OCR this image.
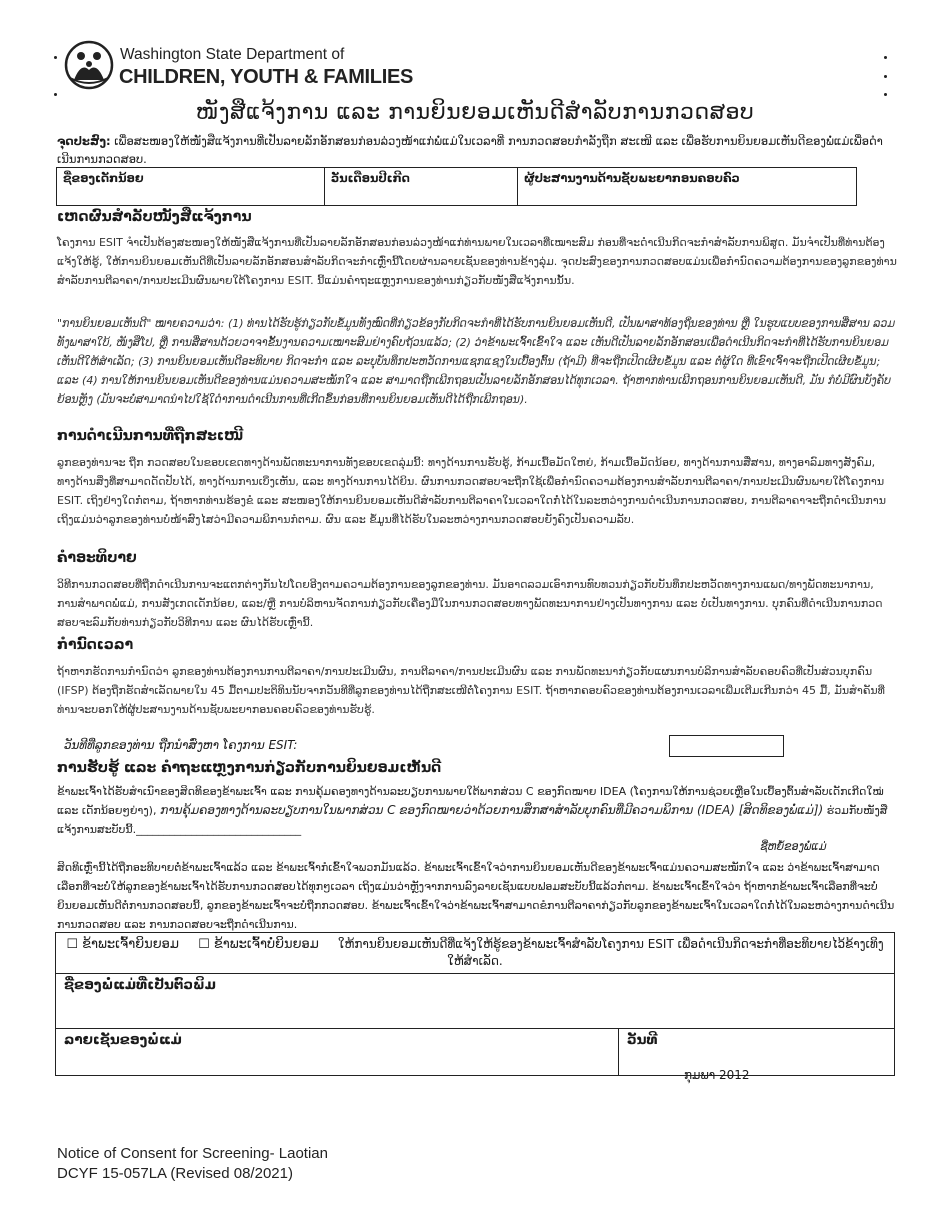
Washington State Department of
CHILDREN, YOUTH & FAMILIES
ໜັງສືແຈ້ງການ ແລະ ການຍິນຍອມເຫັນດີສໍາລັບການກວດສອບ
ຈຸດປະສົງ: ເພື່ອສະໜອງໃຫ້ໜັງສືແຈ້ງການທີ່ເປັນລາຍລັກອັກສອນກ່ອນລ່ວງໜ້າແກ່ພໍ່ແມ່ໃນເວລາທີ່ ການກວດສອບກໍາລັງຖືກ ສະເໜີ ແລະ ເພື່ອຮັບການຍິນຍອມເຫັນດີຂອງພໍ່ແມ່ເພື່ອດໍາເນີນການກວດສອບ.
ຊື່ຂອງເດັກນ້ອຍ	ວັນເດືອນປີເກີດ	ຜູ້ປະສານງານດ້ານຊັບພະຍາກອນຄອບຄົວ
ເຫດຜົນສໍາລັບໜັງສືແຈ້ງການ
ໂຄງການ ESIT ຈໍາເປັນຕ້ອງສະໜອງໃຫ້ໜັງສືແຈ້ງການທີ່ເປັນລາຍລັກອັກສອນກ່ອນລ່ວງໜ້າແກ່ທ່ານພາຍໃນເວລາທີ່ເໝາະສົມ ກ່ອນທີ່ຈະດໍາເນີນກິດຈະກໍາສໍາລັບການພິສູດ. ມັນຈໍາເປັນທີ່ທ່ານຕ້ອງແຈ້ງໃຫ້ຮູ້, ໃຫ້ການຍິນຍອມເຫັນດີທີ່ເປັນລາຍລັກອັກສອນສໍາລັບກິດຈະກໍາເຫຼົ່ານີ້ໂດຍຜ່ານລາຍເຊັນຂອງທ່ານຂ້າງລຸ່ມ. ຈຸດປະສົງຂອງການກວດສອບແມ່ນເພື່ອກໍານົດຄວາມຕ້ອງການຂອງລູກຂອງທ່ານສໍາລັບການຕີລາຄາ/ການປະເມີນຜົນພາຍໃຕ້ໂຄງການ ESIT. ນີ້ແມ່ນຄໍາຖະແຫຼງການຂອງທ່ານກ່ຽວກັບໜັງສືແຈ້ງການນັ້ນ.
"ການຍິນຍອມເຫັນດີ" ໝາຍຄວາມວ່າ: (1) ທ່ານໄດ້ຮັບຮູ້ກ່ຽວກັບຂໍ້ມູນທັງໝົດທີ່ກ່ຽວຂ້ອງກັບກິດຈະກໍາທີ່ໄດ້ຮັບການຍິນຍອມເຫັນດີ, ເປັນພາສາທ້ອງຖິ່ນຂອງທ່ານ ຫຼື ໃນຮູບແບບຂອງການສື່ສານ ລວມທັງພາສາໃບ້, ໜັງສືໂປ, ຫຼື ການສື່ສານດ້ວຍວາຈາຂັ້ນງານຄວາມເໝາະສົມຢ່າງຄົບຖ້ວນແລ້ວ; (2) ວ່າຂ້າພະເຈົ້າເຂົ້າໃຈ ແລະ ເຫັນດີເປັນລາຍລັກອັກສອນເພື່ອດໍາເນີນກິດຈະກໍາທີ່ໄດ້ຮັບການຍິນຍອມເຫັນດີໃຫ້ສໍາເລັດ; (3) ການຍິນຍອມເຫັນດີອະທິບາຍ ກິດຈະກໍາ ແລະ ລະບຸບັນທຶກປະຫວັດການແຊກແຊງໃນເບື້ອງຕົ້ນ (ຖ້າມີ) ທີ່ຈະຖືກເປີດເຜີຍຂໍ້ມູນ ແລະ ຕໍ່ຜູ້ໃດ ທີ່ເຂົາເຈົ້າຈະຖືກເປີດເຜີຍຂໍ້ມູນ; ແລະ (4) ການໃຫ້ການຍິນຍອມເຫັນດີຂອງທ່ານແມ່ນຄວາມສະໝັກໃຈ ແລະ ສາມາດຖືກເພີກຖອນເປັນລາຍລັກອັກສອນໄດ້ທຸກເວລາ. ຖ້າຫາກທ່ານເພີກຖອນການຍິນຍອມເຫັນດີ, ມັນ ກໍບໍ່ມີຜົນບັງຄັບຍ້ອນຫຼັງ (ມັນຈະບໍ່ສາມາດນໍາໄປໃຊ້ໃດໍາການດໍາເນີນການທີ່ເກີດຂຶ້ນກ່ອນທີ່ການຍິນຍອມເຫັນດີໄດ້ຖືກເພີກຖອນ).
ການດໍາເນີນການທີ່ຖືກສະເໜີ
ລູກຂອງທ່ານຈະ ຖືກ ກວດສອບໃນຂອບເຂດທາງດ້ານພັດທະນາການທັງຂອບເຂດລຸ່ມນີ້: ທາງດ້ານການຮັບຮູ້, ກ້າມເນື້ອມັດໃຫຍ່, ກ້າມເນື້ອມັດນ້ອຍ, ທາງດ້ານການສື່ສານ, ທາງອາລົມທາງສັງຄົມ, ທາງດ້ານສິ່ງທີ່ສາມາດດັດປັບໄດ້, ທາງດ້ານການເບິ່ງເຫັນ, ແລະ ທາງດ້ານການໄດ້ຍິນ. ຜົນການກວດສອບຈະຖືກໃຊ້ເພື່ອກໍານົດຄວາມຕ້ອງການສໍາລັບການຕີລາຄາ/ການປະເມີນຜົນພາຍໃຕ້ໂຄງການ ESIT. ເຖິງຢ່າງໃດກໍຕາມ, ຖ້າຫາກທ່ານຮ້ອງຂໍ ແລະ ສະໜອງໃຫ້ການຍິນຍອມເຫັນດີສໍາລັບການຕີລາຄາໃນເວລາໃດກໍ່ໄດ້ໃນລະຫວ່າງການດໍາເນີນການກວດສອບ, ການຕີລາຄາຈະຖືກດໍາເນີນການ ເຖິງແມ່ນວ່າລູກຂອງທ່ານບໍ່ໜ້າສົງໄສວ່າມີຄວາມພິການກໍຕາມ. ຜົນ ແລະ ຂໍ້ມູນທີ່ໄດ້ຮັບໃນລະຫວ່າງການກວດສອບຍັງຄົງເປັນຄວາມລັບ.
ຄໍາອະທິບາຍ
ວິທີການກວດສອບທີ່ຖືກດໍາເນີນການຈະແຕກຕ່າງກັນໄປໂດຍອີງຕາມຄວາມຕ້ອງການຂອງລູກຂອງທ່ານ. ມັນອາດລວມເອົາການທົບທວນກ່ຽວກັບບັນທຶກປະຫວັດທາງການແພດ/ທາງພັດທະນາການ, ການສໍາພາດພໍ່ແມ່, ການສັງເກດເດັກນ້ອຍ, ແລະ/ຫຼື ການບໍລິຫານຈັດການກ່ຽວກັບເຄື່ອງມືໃນການກວດສອບທາງພັດທະນາການຢ່າງເປັນທາງການ ແລະ ບໍ່ເປັນທາງການ. ບຸກຄົນທີ່ດໍາເນີນການກວດສອບຈະລົມກັບທ່ານກ່ຽວກັບວິທີການ ແລະ ຜົນໄດ້ຮັບເຫຼົ່ານີ້.
ກໍານົດເວລາ
ຖ້າຫາກຮັດການກໍານົດວ່າ ລູກຂອງທ່ານຕ້ອງການການຕີລາຄາ/ການປະເມີນຜົນ, ການຕີລາຄາ/ການປະເມີນຜົນ ແລະ ການພັດທະນາກ່ຽວກັບແຜນການບໍລິການສໍາລັບຄອບຄົວທີ່ເປັນສ່ວນບຸກຄົນ (IFSP) ຕ້ອງຖືກຮັດສໍາເລັດພາຍໃນ 45 ມື້ຕາມປະຕິທິນນັບຈາກວັນທີທີ່ລູກຂອງທ່ານໄດ້ຖືກສະເໜີຕໍ່ໂຄງການ ESIT. ຖ້າຫາກຄອບຄົວຂອງທ່ານຕ້ອງການເວລາເພີ່ມເຕີມເກີນກວ່າ 45 ມື້, ມັນສໍາຄັນທີ່ທ່ານຈະບອກໃຫ້ຜູ້ປະສານງານດ້ານຊັບພະຍາກອນຄອບຄົວຂອງທ່ານຮັບຮູ້.
ວັນທີທີ່ລູກຂອງທ່ານ ຖືກນໍາສົ່ງຫາ ໂຄງການ ESIT:
ການຮັບຮູ້ ແລະ ຄໍາຖະແຫຼງການກ່ຽວກັບການຍິນຍອມເຫັນດີ
ຂ້າພະເຈົ້າໄດ້ຮັບສໍາເນົາຂອງສິດທິຂອງຂ້າພະເຈົ້າ ແລະ ການຄຸ້ມຄອງທາງດ້ານລະບຽບການພາຍໃຕ້ພາກສ່ວນ C ຂອງກົດໝາຍ IDEA (ໂຄງການໃຫ້ການຊ່ວຍເຫຼືອໃນເບື້ອງຕົ້ນສໍາລັບເດັກເກີດໃໝ່ ແລະ ເດັກນ້ອຍໆຍ່າງ), ການຄຸ້ມຄອງທາງດ້ານລະບຽບການໃນພາກສ່ວນ C ຂອງກົດໝາຍວ່າດ້ວຍການສຶກສາສໍາລັບບຸກຄົນທີ່ມີຄວາມພິການ (IDEA) [ສິດທິຂອງພໍ່ແມ່]) ຮ່ວມກັບໜັງສືແຈ້ງການສະບັບນີ້.______________________________
ຊື່ຫຍໍ້ຂອງພໍ່ແມ່
ສິດທິເຫຼົ່ານີ້ໄດ້ຖືກອະທິບາຍຕໍ່ຂ້າພະເຈົ້າແລ້ວ ແລະ ຂ້າພະເຈົ້າກໍເຂົ້າໃຈພວກມັນແລ້ວ. ຂ້າພະເຈົ້າເຂົ້າໃຈວ່າການຍິນຍອມເຫັນດີຂອງຂ້າພະເຈົ້າແມ່ນຄວາມສະໝັກໃຈ ແລະ ວ່າຂ້າພະເຈົ້າສາມາດເລືອກທີ່ຈະບໍ່ໃຫ້ລູກຂອງຂ້າພະເຈົ້າໄດ້ຮັບການກວດສອບໄດ້ທຸກໆເວລາ ເຖິງແມ່ນວ່າຫຼັງຈາກການລົງລາຍເຊັນແບບຟອມສະບັບນີ້ແລ້ວກໍຕາມ. ຂ້າພະເຈົ້າເຂົ້າໃຈວ່າ ຖ້າຫາກຂ້າພະເຈົ້າເລືອກທີ່ຈະບໍ່ຍິນຍອມເຫັນດີຕໍ່ການກວດສອບນີ້, ລູກຂອງຂ້າພະເຈົ້າຈະບໍ່ຖືກກວດສອບ. ຂ້າພະເຈົ້າເຂົ້າໃຈວ່າຂ້າພະເຈົ້າສາມາດຂໍການຕີລາຄາກ່ຽວກັບລູກຂອງຂ້າພະເຈົ້າໃນເວລາໃດກໍ່ໄດ້ໃນລະຫວ່າງການດໍາເນີນການກວດສອບ ແລະ ການກວດສອບຈະຖືກດໍາເນີນການ.
☐ ຂ້າພະເຈົ້າຍິນຍອມ ☐ ຂ້າພະເຈົ້າບໍ່ຍິນຍອມ ໃຫ້ການຍິນຍອມເຫັນດີທີ່ແຈ້ງໃຫ້ຮູ້ຂອງຂ້າພະເຈົ້າສໍາລັບໂຄງການ ESIT ເພື່ອດໍາເນີນກິດຈະກໍາທີ່ອະທິບາຍໄວ້ຂ້າງເທິງໃຫ້ສໍາເລັດ.
ຊື່ຂອງພໍ່ແມ່ທີ່ເປັນຕົວພິມ
ລາຍເຊັນຂອງພໍ່ແມ່	ວັນທີ
ກຸມພາ 2012
Notice of Consent for Screening- Laotian
DCYF 15-057LA (Revised 08/2021)
